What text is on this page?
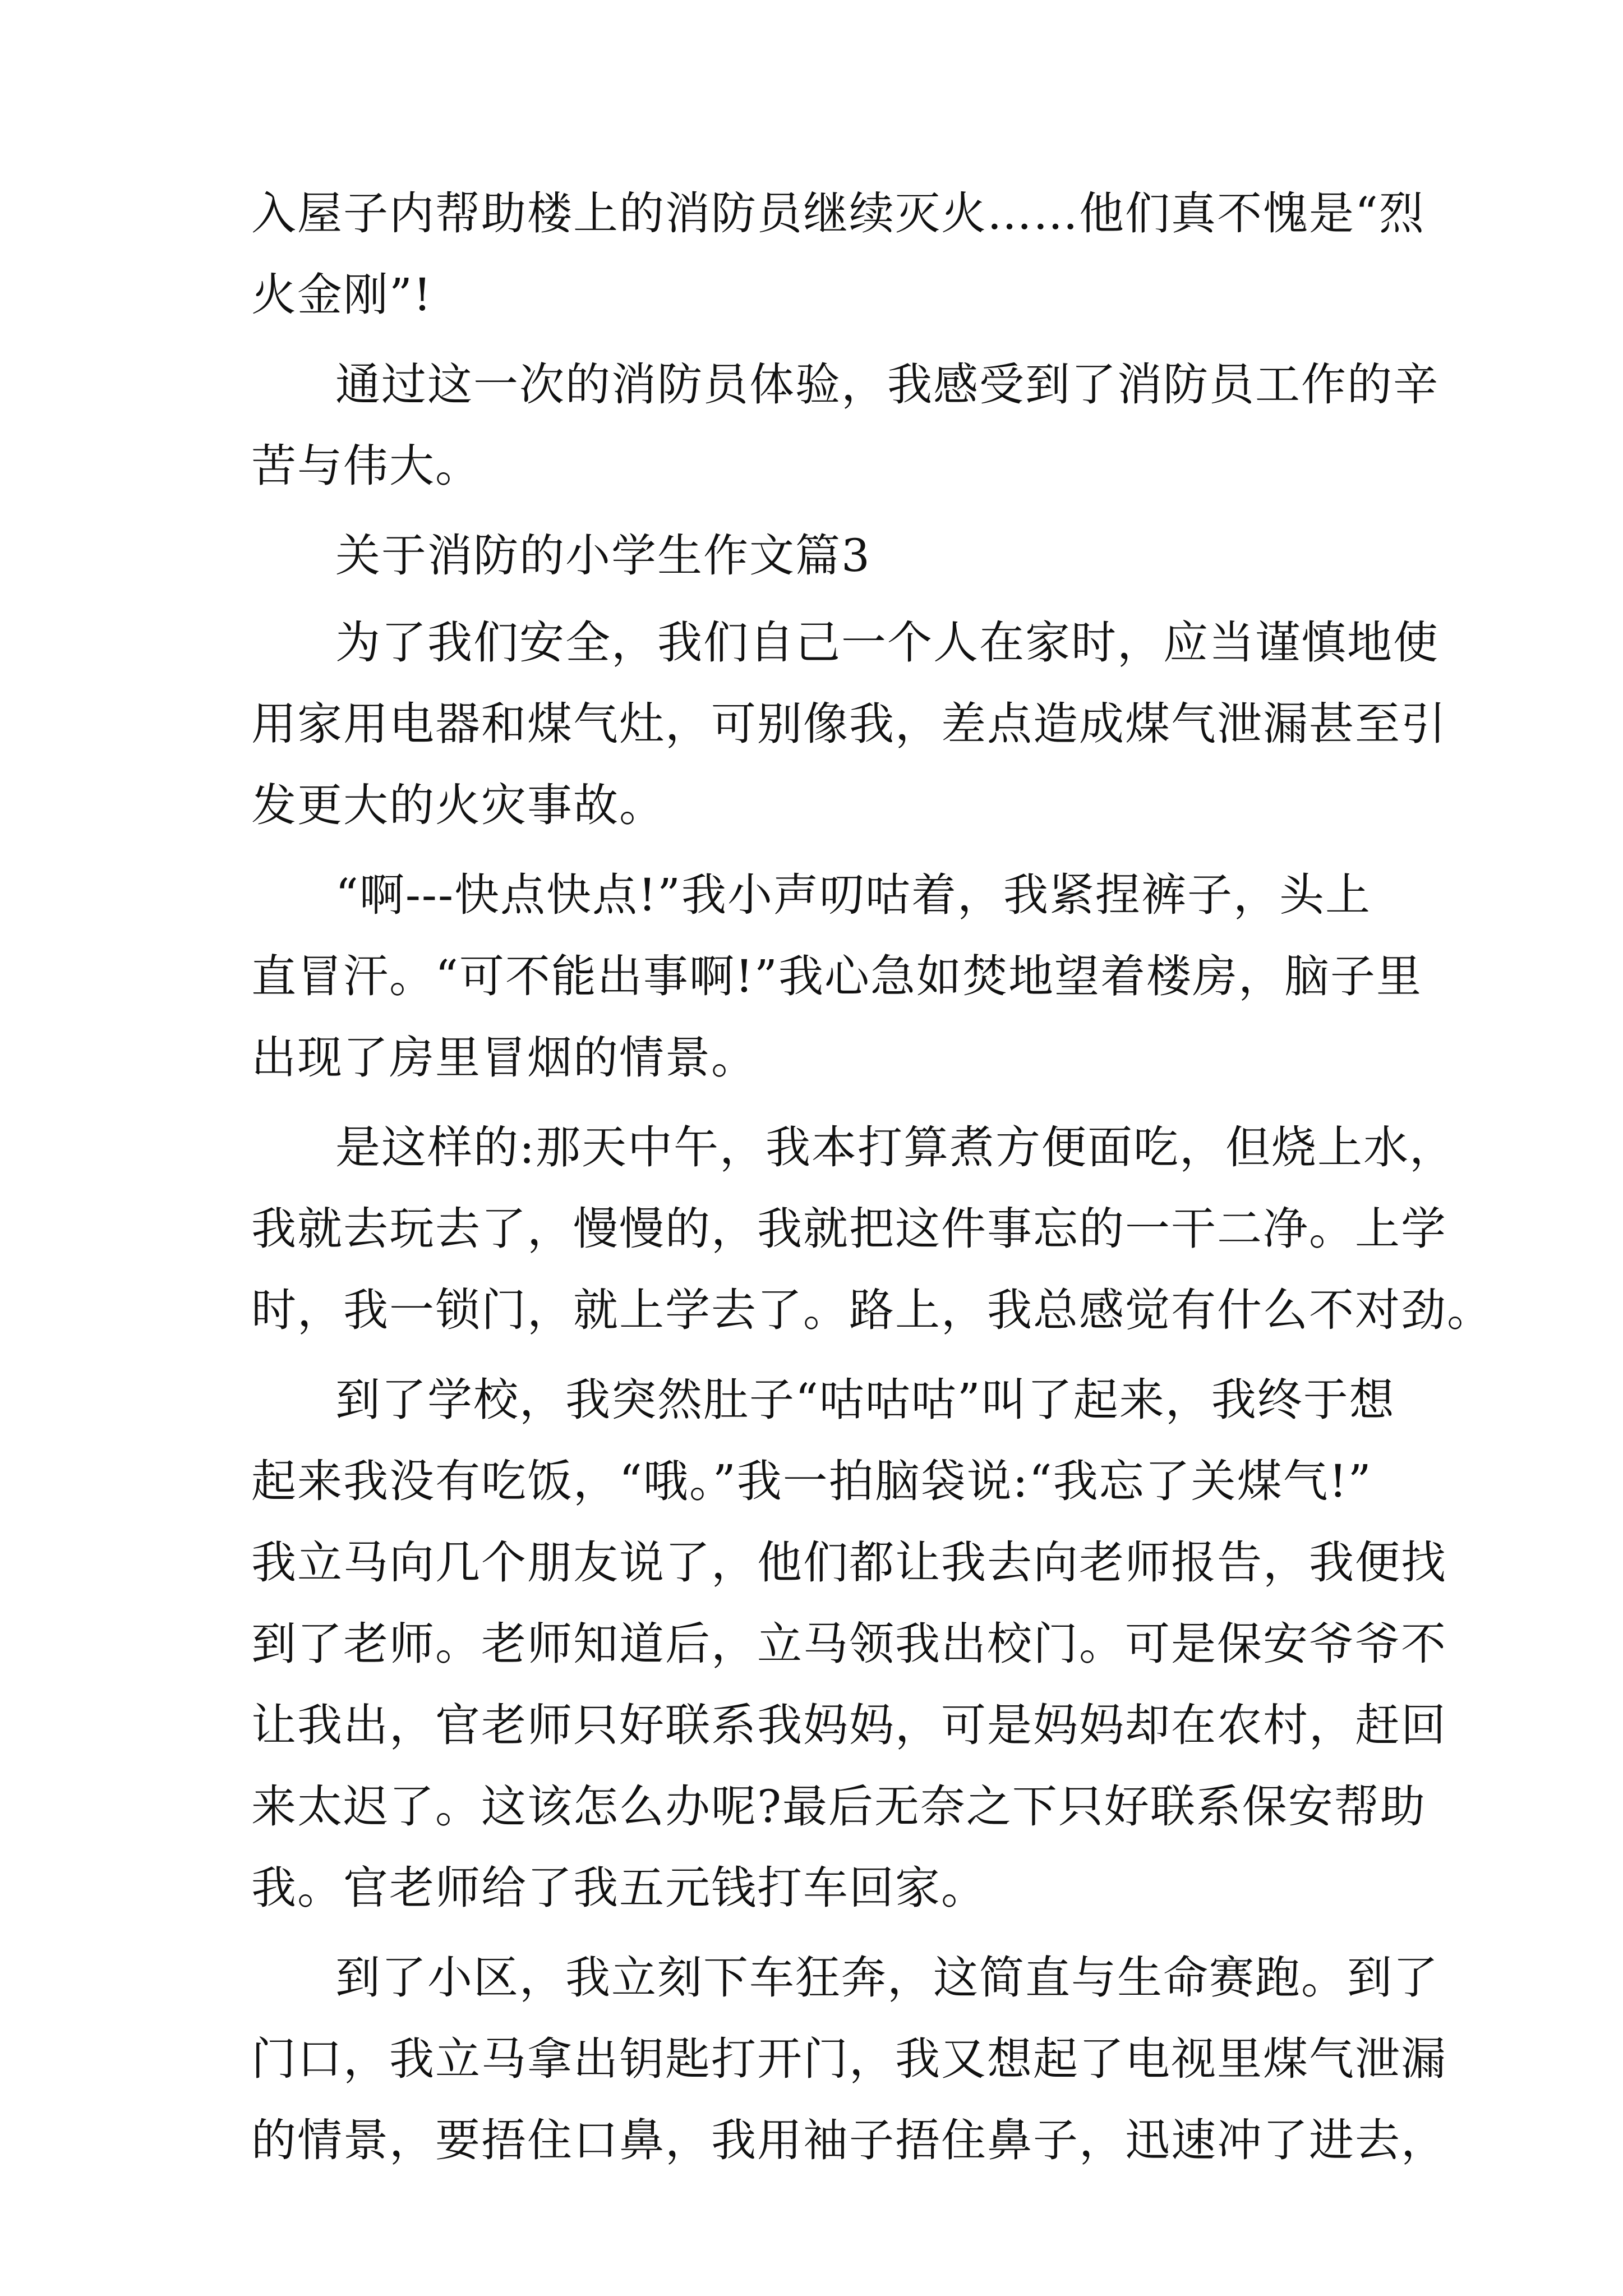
入屋子内帮助楼上的消防员继续灭火……他们真不愧是“烈
火金刚”!
通过这一次的消防员体验，我感受到了消防员工作的辛
苦与伟大。
关于消防的小学生作文篇3
为了我们安全，我们自己一个人在家时，应当谨慎地使
用家用电器和煤气灶，可别像我，差点造成煤气泄漏甚至引
发更大的火灾事故。
“啊---快点快点!”我小声叨咕着，我紧捏裤子，头上
直冒汗。“可不能出事啊!”我心急如焚地望着楼房，脑子里
出现了房里冒烟的情景。
是这样的:那天中午，我本打算煮方便面吃，但烧上水，
我就去玩去了，慢慢的，我就把这件事忘的一干二净。上学
时，我一锁门，就上学去了。路上，我总感觉有什么不对劲。
到了学校，我突然肚子“咕咕咕”叫了起来，我终于想
起来我没有吃饭，“哦。”我一拍脑袋说:“我忘了关煤气!”
我立马向几个朋友说了，他们都让我去向老师报告，我便找
到了老师。老师知道后，立马领我出校门。可是保安爷爷不
让我出，官老师只好联系我妈妈，可是妈妈却在农村，赶回
来太迟了。这该怎么办呢?最后无奈之下只好联系保安帮助
我。官老师给了我五元钱打车回家。
到了小区，我立刻下车狂奔，这简直与生命赛跑。到了
门口，我立马拿出钥匙打开门，我又想起了电视里煤气泄漏
的情景，要捂住口鼻，我用袖子捂住鼻子，迅速冲了进去，
